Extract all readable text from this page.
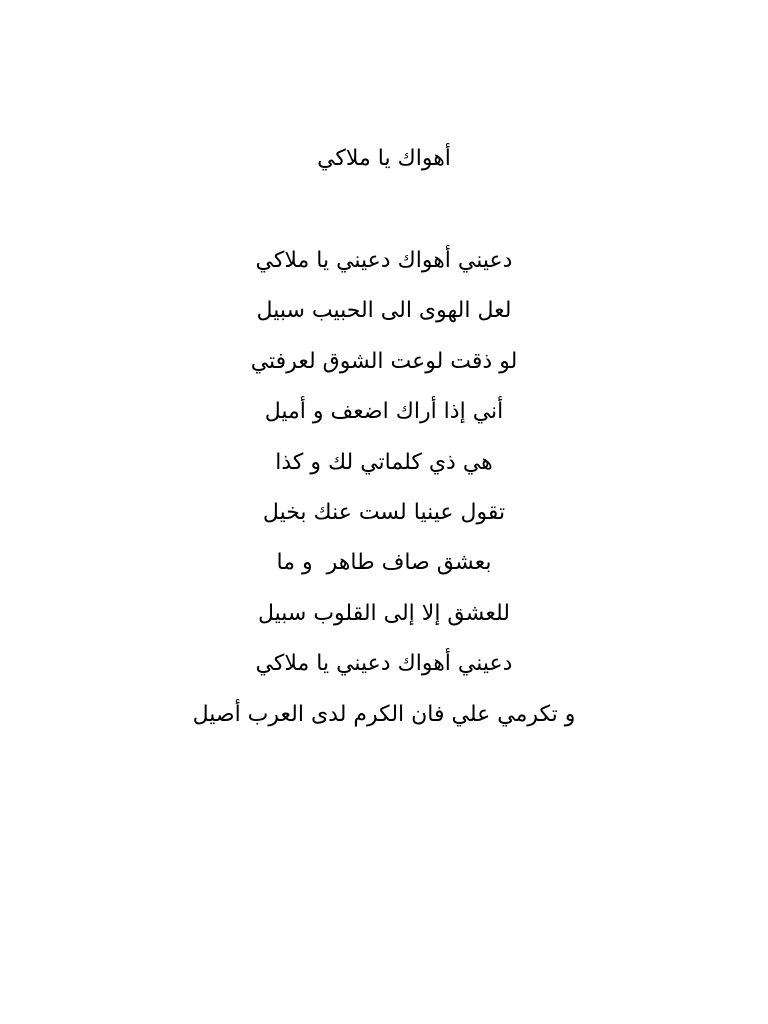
أهواك يا ملاكي
دعيني أهواك دعيني يا ملاكي
لعل الهوى الى الحبيب سبيل
لو ذقت لوعت الشوق لعرفتي
أني إذا أراك اضعف و أميل
هي ذي كلماتي لك و كذا
تقول عينيا لست عنك بخيل
بعشق صاف طاهر  و ما
للعشق إلا إلى القلوب سبيل
دعيني أهواك دعيني يا ملاكي
و تكرمي علي فان الكرم لدى العرب أصيل
